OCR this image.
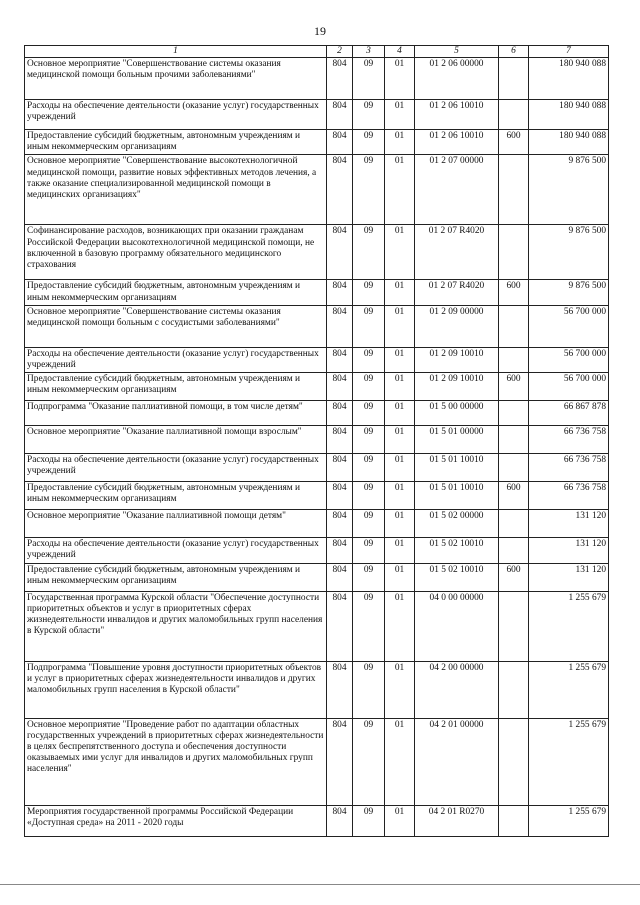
19
1	2	3	4	5	6	7
Основное мероприятие "Совершенствование системы оказания медицинской помощи больным прочими заболеваниями"	804	09	01	01 2 06 00000		180 940 088
Расходы на обеспечение деятельности (оказание услуг) государственных учреждений	804	09	01	01 2 06 10010		180 940 088
Предоставление субсидий бюджетным, автономным учреждениям и иным некоммерческим организациям	804	09	01	01 2 06 10010	600	180 940 088
Основное мероприятие "Совершенствование высокотехнологичной медицинской помощи, развитие новых эффективных методов лечения, а также оказание специализированной медицинской помощи в медицинских организациях"	804	09	01	01 2 07 00000		9 876 500
Софинансирование расходов, возникающих при оказании гражданам Российской Федерации высокотехнологичной медицинской помощи, не включенной в базовую программу обязательного медицинского страхования	804	09	01	01 2 07 R4020		9 876 500
Предоставление субсидий бюджетным, автономным учреждениям и иным некоммерческим организациям	804	09	01	01 2 07 R4020	600	9 876 500
Основное мероприятие "Совершенствование системы оказания медицинской помощи больным с сосудистыми заболеваниями"	804	09	01	01 2 09 00000		56 700 000
Расходы на обеспечение деятельности (оказание услуг) государственных учреждений	804	09	01	01 2 09 10010		56 700 000
Предоставление субсидий бюджетным, автономным учреждениям и иным некоммерческим организациям	804	09	01	01 2 09 10010	600	56 700 000
Подпрограмма "Оказание паллиативной помощи, в том числе детям"	804	09	01	01 5 00 00000		66 867 878
Основное мероприятие "Оказание паллиативной помощи взрослым"	804	09	01	01 5 01 00000		66 736 758
Расходы на обеспечение деятельности (оказание услуг) государственных учреждений	804	09	01	01 5 01 10010		66 736 758
Предоставление субсидий бюджетным, автономным учреждениям и иным некоммерческим организациям	804	09	01	01 5 01 10010	600	66 736 758
Основное мероприятие "Оказание паллиативной помощи детям"	804	09	01	01 5 02 00000		131 120
Расходы на обеспечение деятельности (оказание услуг) государственных учреждений	804	09	01	01 5 02 10010		131 120
Предоставление субсидий бюджетным, автономным учреждениям и иным некоммерческим организациям	804	09	01	01 5 02 10010	600	131 120
Государственная программа Курской области "Обеспечение доступности приоритетных объектов и услуг в приоритетных сферах жизнедеятельности инвалидов и других маломобильных групп населения в Курской области"	804	09	01	04 0 00 00000		1 255 679
Подпрограмма "Повышение уровня доступности приоритетных объектов и услуг в приоритетных сферах жизнедеятельности инвалидов и других маломобильных групп населения в Курской области"	804	09	01	04 2 00 00000		1 255 679
Основное мероприятие "Проведение работ по адаптации областных государственных учреждений в приоритетных сферах жизнедеятельности в целях беспрепятственного доступа и обеспечения доступности оказываемых ими услуг для инвалидов и других маломобильных групп населения"	804	09	01	04 2 01 00000		1 255 679
Мероприятия государственной программы Российской Федерации «Доступная среда» на 2011 - 2020 годы	804	09	01	04 2 01 R0270		1 255 679
